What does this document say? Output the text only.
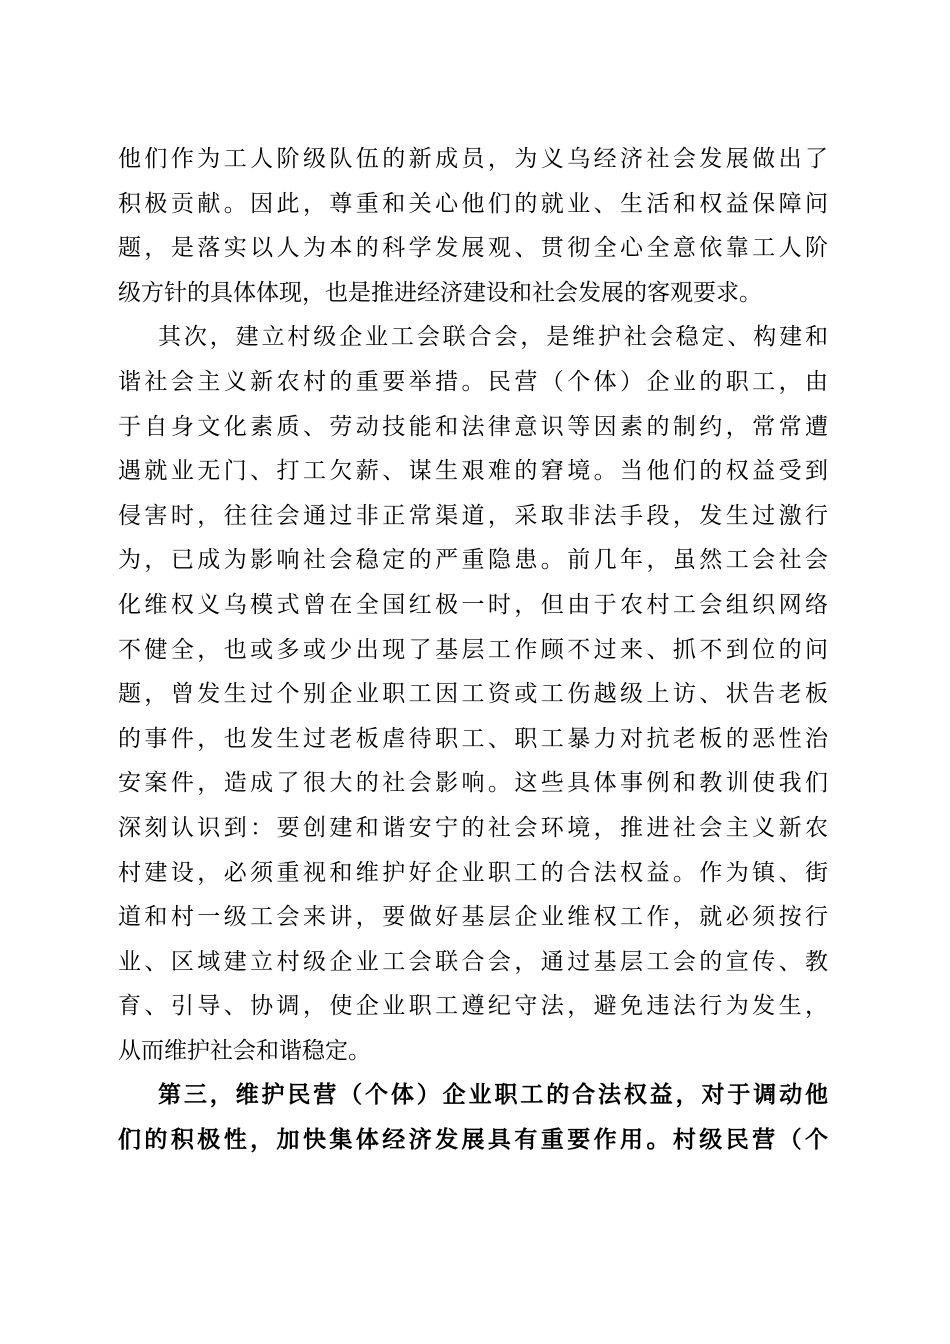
他们作为工人阶级队伍的新成员，为义乌经济社会发展做出了
积极贡献。因此，尊重和关心他们的就业、生活和权益保障问
题，是落实以人为本的科学发展观、贯彻全心全意依靠工人阶
级方针的具体体现，也是推进经济建设和社会发展的客观要求。
其次，建立村级企业工会联合会，是维护社会稳定、构建和
谐社会主义新农村的重要举措。民营（个体）企业的职工，由
于自身文化素质、劳动技能和法律意识等因素的制约，常常遭
遇就业无门、打工欠薪、谋生艰难的窘境。当他们的权益受到
侵害时，往往会通过非正常渠道，采取非法手段，发生过激行
为，已成为影响社会稳定的严重隐患。前几年，虽然工会社会
化维权义乌模式曾在全国红极一时，但由于农村工会组织网络
不健全，也或多或少出现了基层工作顾不过来、抓不到位的问
题，曾发生过个别企业职工因工资或工伤越级上访、状告老板
的事件，也发生过老板虐待职工、职工暴力对抗老板的恶性治
安案件，造成了很大的社会影响。这些具体事例和教训使我们
深刻认识到：要创建和谐安宁的社会环境，推进社会主义新农
村建设，必须重视和维护好企业职工的合法权益。作为镇、街
道和村一级工会来讲，要做好基层企业维权工作，就必须按行
业、区域建立村级企业工会联合会，通过基层工会的宣传、教
育、引导、协调，使企业职工遵纪守法，避免违法行为发生，
从而维护社会和谐稳定。
第三，维护民营（个体）企业职工的合法权益，对于调动他
们的积极性，加快集体经济发展具有重要作用。村级民营（个
